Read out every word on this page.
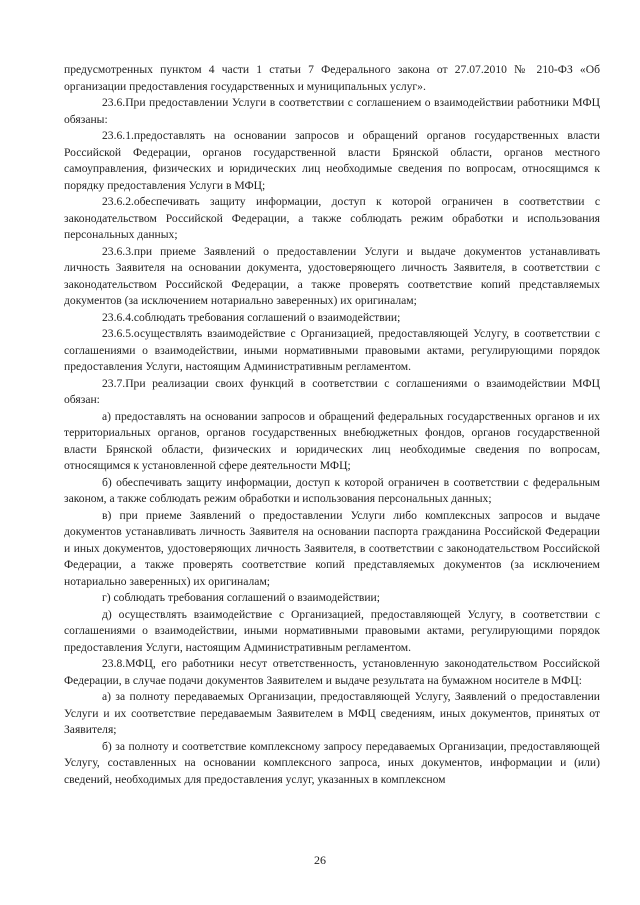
предусмотренных пунктом 4 части 1 статьи 7 Федерального закона от 27.07.2010 № 210-ФЗ «Об организации предоставления государственных и муниципальных услуг».

23.6.При предоставлении Услуги в соответствии с соглашением о взаимодействии работники МФЦ обязаны:

23.6.1.предоставлять на основании запросов и обращений органов государственных власти Российской Федерации, органов государственной власти Брянской области, органов местного самоуправления, физических и юридических лиц необходимые сведения по вопросам, относящимся к порядку предоставления Услуги в МФЦ;

23.6.2.обеспечивать защиту информации, доступ к которой ограничен в соответствии с законодательством Российской Федерации, а также соблюдать режим обработки и использования персональных данных;

23.6.3.при приеме Заявлений о предоставлении Услуги и выдаче документов устанавливать личность Заявителя на основании документа, удостоверяющего личность Заявителя, в соответствии с законодательством Российской Федерации, а также проверять соответствие копий представляемых документов (за исключением нотариально заверенных) их оригиналам;

23.6.4.соблюдать требования соглашений о взаимодействии;

23.6.5.осуществлять взаимодействие с Организацией, предоставляющей Услугу, в соответствии с соглашениями о взаимодействии, иными нормативными правовыми актами, регулирующими порядок предоставления Услуги, настоящим Административным регламентом.

23.7.При реализации своих функций в соответствии с соглашениями о взаимодействии МФЦ обязан:

а) предоставлять на основании запросов и обращений федеральных государственных органов и их территориальных органов, органов государственных внебюджетных фондов, органов государственной власти Брянской области, физических и юридических лиц необходимые сведения по вопросам, относящимся к установленной сфере деятельности МФЦ;

б) обеспечивать защиту информации, доступ к которой ограничен в соответствии с федеральным законом, а также соблюдать режим обработки и использования персональных данных;

в) при приеме Заявлений о предоставлении Услуги либо комплексных запросов и выдаче документов устанавливать личность Заявителя на основании паспорта гражданина Российской Федерации и иных документов, удостоверяющих личность Заявителя, в соответствии с законодательством Российской Федерации, а также проверять соответствие копий представляемых документов (за исключением нотариально заверенных) их оригиналам;

г) соблюдать требования соглашений о взаимодействии;

д) осуществлять взаимодействие с Организацией, предоставляющей Услугу, в соответствии с соглашениями о взаимодействии, иными нормативными правовыми актами, регулирующими порядок предоставления Услуги, настоящим Административным регламентом.

23.8.МФЦ, его работники несут ответственность, установленную законодательством Российской Федерации, в случае подачи документов Заявителем и выдаче результата на бумажном носителе в МФЦ:

а) за полноту передаваемых Организации, предоставляющей Услугу, Заявлений о предоставлении Услуги и их соответствие передаваемым Заявителем в МФЦ сведениям, иных документов, принятых от Заявителя;

б) за полноту и соответствие комплексному запросу передаваемых Организации, предоставляющей Услугу, составленных на основании комплексного запроса, иных документов, информации и (или) сведений, необходимых для предоставления услуг, указанных в комплексном

26
